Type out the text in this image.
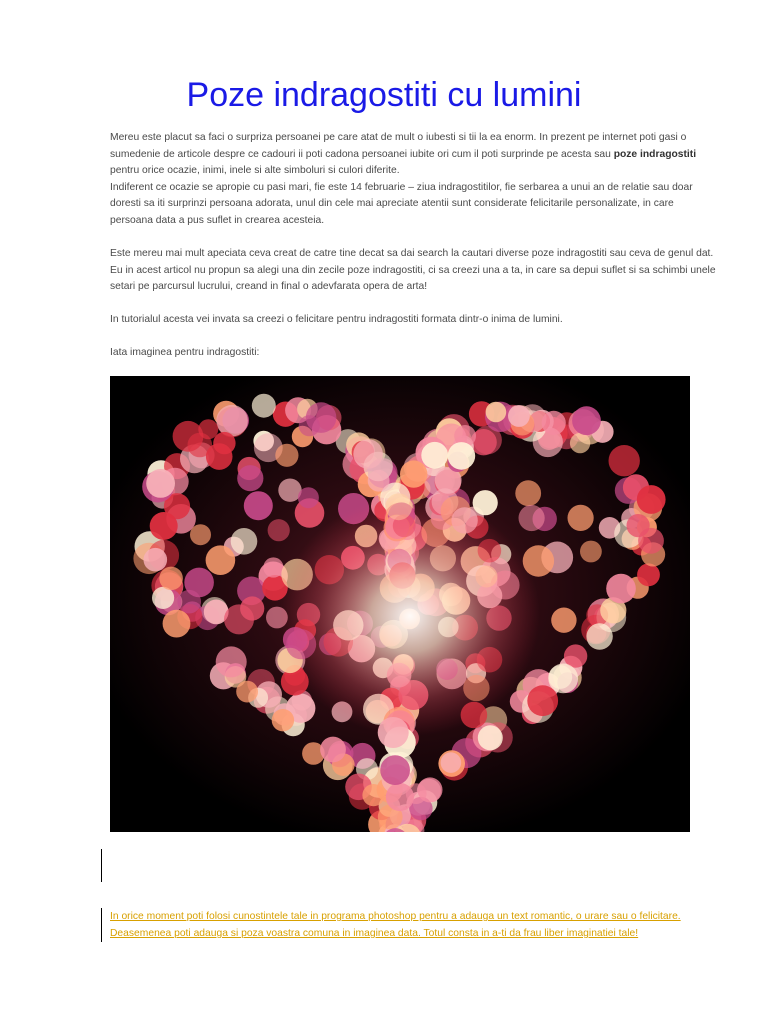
Poze indragostiti cu lumini

Mereu este placut sa faci o surpriza persoanei pe care atat de mult o iubesti si tii la ea enorm. In prezent pe internet poti gasi o sumedenie de articole despre ce cadouri ii poti cadona persoanei iubite ori cum il poti surprinde pe acesta sau poze indragostiti pentru orice ocazie, inimi, inele si alte simboluri si culori diferite.
Indiferent ce ocazie se apropie cu pasi mari, fie este 14 februarie – ziua indragostitilor, fie serbarea a unui an de relatie sau doar doresti sa iti surprinzi persoana adorata, unul din cele mai apreciate atentii sunt considerate felicitarile personalizate, in care persoana data a pus suflet in crearea acesteia.

Este mereu mai mult apeciata ceva creat de catre tine decat sa dai search la cautari diverse poze indragostiti sau ceva de genul dat.
Eu in acest articol nu propun sa alegi una din zecile poze indragostiti, ci sa creezi una a ta, in care sa depui suflet si sa schimbi unele setari pe parcursul lucrului, creand in final o adevfarata opera de arta!

In tutorialul acesta vei invata sa creezi o felicitare pentru indragostiti formata dintr-o inima de lumini.

Iata imaginea pentru indragostiti:

In orice moment poti folosi cunostintele tale in programa photoshop pentru a adauga un text romantic, o urare sau o felicitare.
Deasemenea poti adauga si poza voastra comuna in imaginea data. Totul consta in a-ti da frau liber imaginatiei tale!
